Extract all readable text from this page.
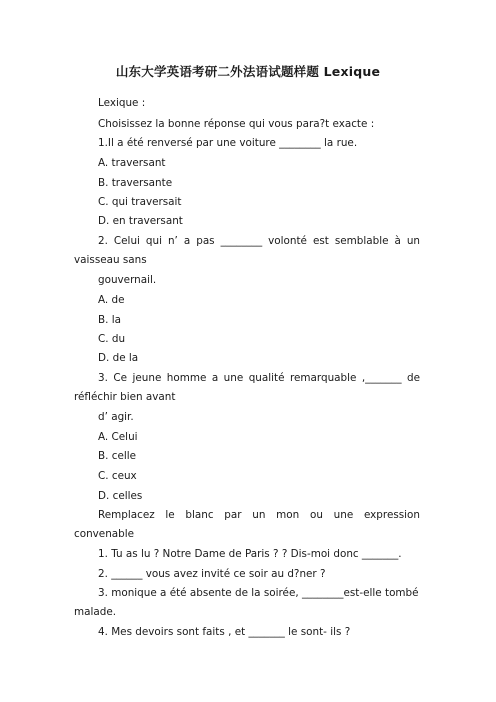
山东大学英语考研二外法语试题样题 Lexique
Lexique :
Choisissez la bonne réponse qui vous para?t exacte :
1.Il a été renversé par une voiture ________ la rue.
A. traversant
B. traversante
C. qui traversait
D. en traversant
2. Celui qui n’ a pas ________ volonté est semblable à un
vaisseau sans
gouvernail.
A. de
B. la
C. du
D. de la
3. Ce jeune homme a une qualité remarquable ,_______ de
réfléchir bien avant
d’ agir.
A. Celui
B. celle
C. ceux
D. celles
Remplacez le blanc par un mon ou une expression
convenable
1. Tu as lu ? Notre Dame de Paris ? ? Dis-moi donc _______.
2. ______ vous avez invité ce soir au d?ner ?
3. monique a été absente de la soirée, ________est-elle tombé
malade.
4. Mes devoirs sont faits , et _______ le sont- ils ?
